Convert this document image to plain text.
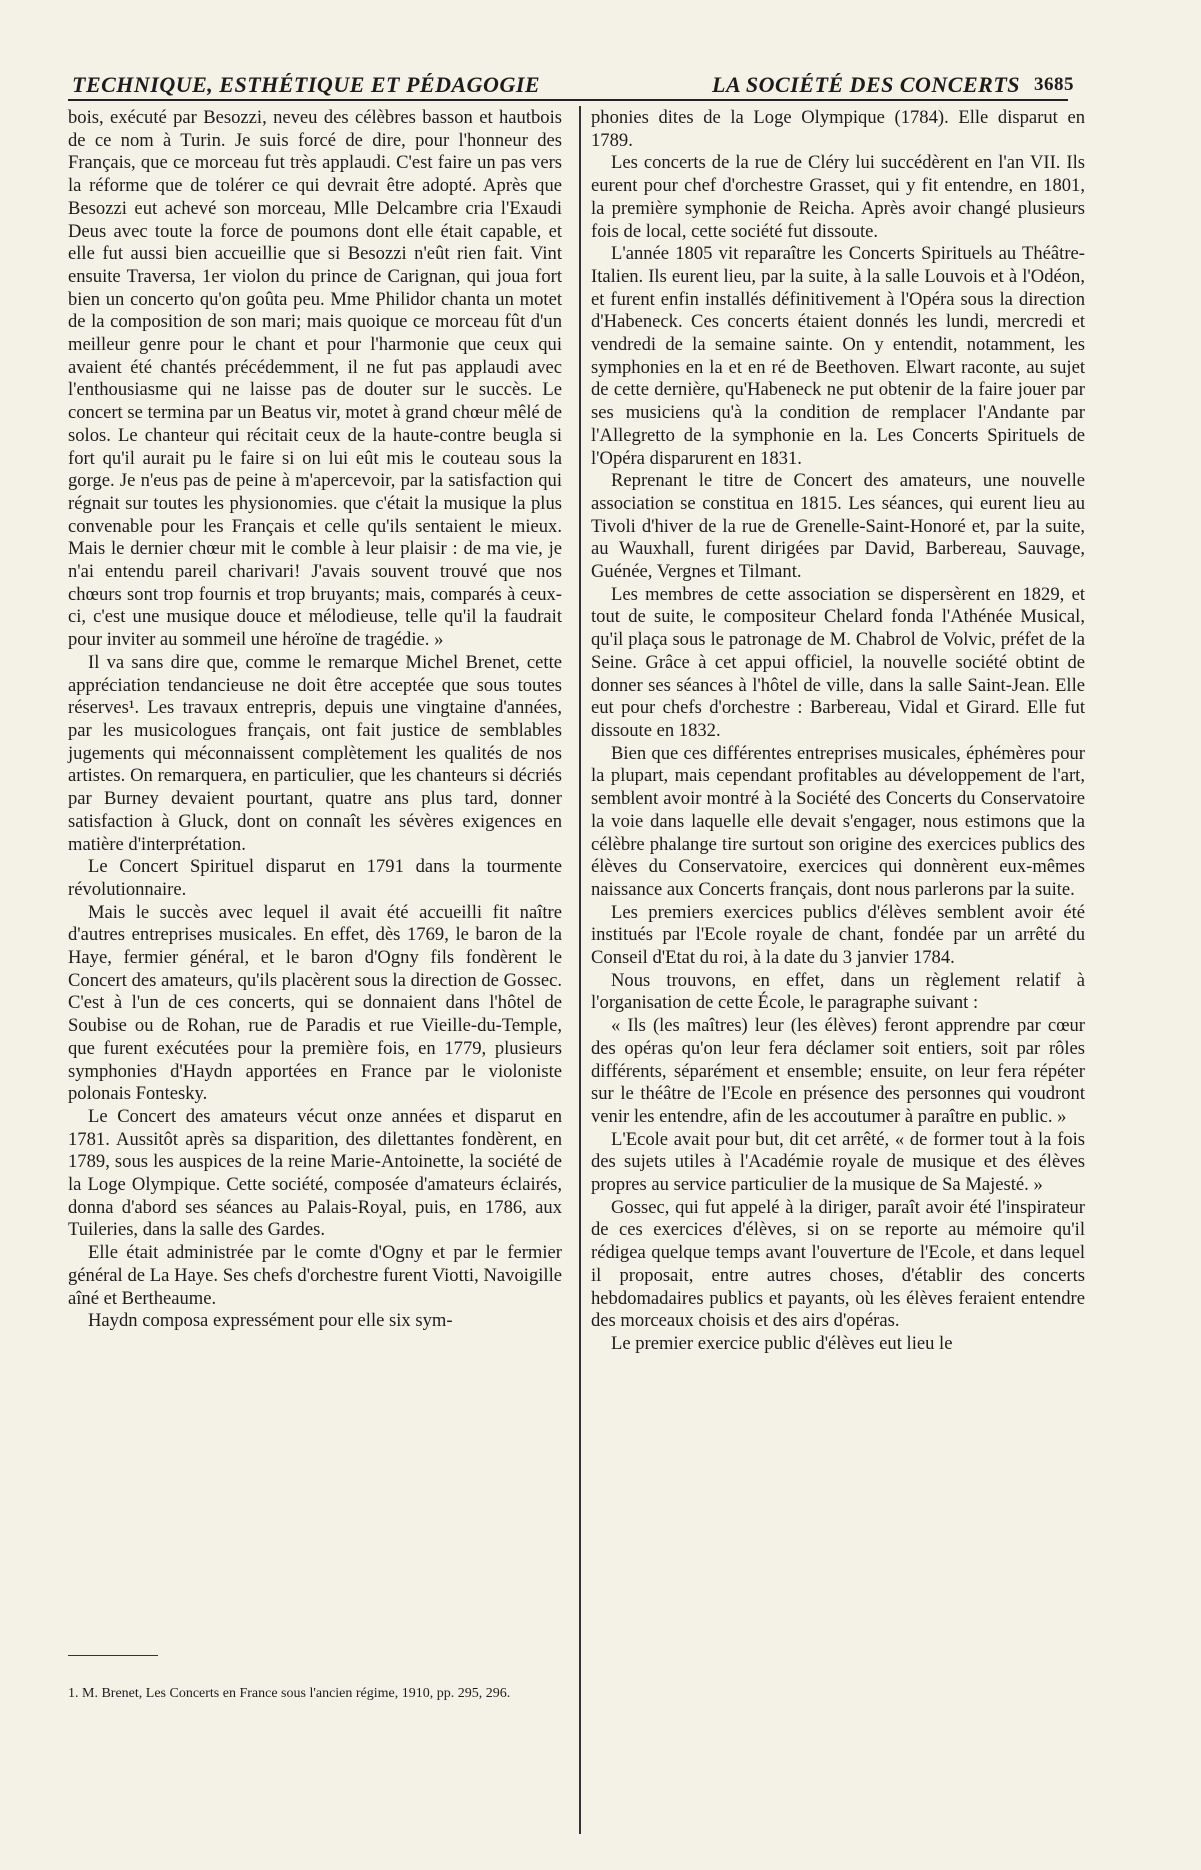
TECHNIQUE, ESTHÉTIQUE ET PÉDAGOGIE	LA SOCIÉTÉ DES CONCERTS 3685

bois, exécuté par Besozzi, neveu des célèbres basson et hautbois de ce nom à Turin. Je suis forcé de dire, pour l'honneur des Français, que ce morceau fut très applaudi. C'est faire un pas vers la réforme que de tolérer ce qui devrait être adopté. Après que Besozzi eut achevé son morceau, Mlle Delcambre cria l'Exaudi Deus avec toute la force de poumons dont elle était capable, et elle fut aussi bien accueillie que si Besozzi n'eût rien fait. Vint ensuite Traversa, 1er violon du prince de Carignan, qui joua fort bien un concerto qu'on goûta peu. Mme Philidor chanta un motet de la composition de son mari; mais quoique ce morceau fût d'un meilleur genre pour le chant et pour l'harmonie que ceux qui avaient été chantés précédemment, il ne fut pas applaudi avec l'enthousiasme qui ne laisse pas de douter sur le succès. Le concert se termina par un Beatus vir, motet à grand chœur mêlé de solos. Le chanteur qui récitait ceux de la haute-contre beugla si fort qu'il aurait pu le faire si on lui eût mis le couteau sous la gorge. Je n'eus pas de peine à m'apercevoir, par la satisfaction qui régnait sur toutes les physionomies. que c'était la musique la plus convenable pour les Français et celle qu'ils sentaient le mieux. Mais le dernier chœur mit le comble à leur plaisir : de ma vie, je n'ai entendu pareil charivari! J'avais souvent trouvé que nos chœurs sont trop fournis et trop bruyants; mais, comparés à ceux-ci, c'est une musique douce et mélodieuse, telle qu'il la faudrait pour inviter au sommeil une héroïne de tragédie. »

Il va sans dire que, comme le remarque Michel Brenet, cette appréciation tendancieuse ne doit être acceptée que sous toutes réserves¹. Les travaux entrepris, depuis une vingtaine d'années, par les musicologues français, ont fait justice de semblables jugements qui méconnaissent complètement les qualités de nos artistes. On remarquera, en particulier, que les chanteurs si décriés par Burney devaient pourtant, quatre ans plus tard, donner satisfaction à Gluck, dont on connaît les sévères exigences en matière d'interprétation.

Le Concert Spirituel disparut en 1791 dans la tourmente révolutionnaire.

Mais le succès avec lequel il avait été accueilli fit naître d'autres entreprises musicales. En effet, dès 1769, le baron de la Haye, fermier général, et le baron d'Ogny fils fondèrent le Concert des amateurs, qu'ils placèrent sous la direction de Gossec. C'est à l'un de ces concerts, qui se donnaient dans l'hôtel de Soubise ou de Rohan, rue de Paradis et rue Vieille-du-Temple, que furent exécutées pour la première fois, en 1779, plusieurs symphonies d'Haydn apportées en France par le violoniste polonais Fontesky.

Le Concert des amateurs vécut onze années et disparut en 1781. Aussitôt après sa disparition, des dilettantes fondèrent, en 1789, sous les auspices de la reine Marie-Antoinette, la société de la Loge Olympique. Cette société, composée d'amateurs éclairés, donna d'abord ses séances au Palais-Royal, puis, en 1786, aux Tuileries, dans la salle des Gardes.

Elle était administrée par le comte d'Ogny et par le fermier général de La Haye. Ses chefs d'orchestre furent Viotti, Navoigille aîné et Bertheaume.

Haydn composa expressément pour elle six sym-

phonies dites de la Loge Olympique (1784). Elle disparut en 1789.

Les concerts de la rue de Cléry lui succédèrent en l'an VII. Ils eurent pour chef d'orchestre Grasset, qui y fit entendre, en 1801, la première symphonie de Reicha. Après avoir changé plusieurs fois de local, cette société fut dissoute.

L'année 1805 vit reparaître les Concerts Spirituels au Théâtre-Italien. Ils eurent lieu, par la suite, à la salle Louvois et à l'Odéon, et furent enfin installés définitivement à l'Opéra sous la direction d'Habeneck. Ces concerts étaient donnés les lundi, mercredi et vendredi de la semaine sainte. On y entendit, notamment, les symphonies en la et en ré de Beethoven. Elwart raconte, au sujet de cette dernière, qu'Habeneck ne put obtenir de la faire jouer par ses musiciens qu'à la condition de remplacer l'Andante par l'Allegretto de la symphonie en la. Les Concerts Spirituels de l'Opéra disparurent en 1831.

Reprenant le titre de Concert des amateurs, une nouvelle association se constitua en 1815. Les séances, qui eurent lieu au Tivoli d'hiver de la rue de Grenelle-Saint-Honoré et, par la suite, au Wauxhall, furent dirigées par David, Barbereau, Sauvage, Guénée, Vergnes et Tilmant.

Les membres de cette association se dispersèrent en 1829, et tout de suite, le compositeur Chelard fonda l'Athénée Musical, qu'il plaça sous le patronage de M. Chabrol de Volvic, préfet de la Seine. Grâce à cet appui officiel, la nouvelle société obtint de donner ses séances à l'hôtel de ville, dans la salle Saint-Jean. Elle eut pour chefs d'orchestre : Barbereau, Vidal et Girard. Elle fut dissoute en 1832.

Bien que ces différentes entreprises musicales, éphémères pour la plupart, mais cependant profitables au développement de l'art, semblent avoir montré à la Société des Concerts du Conservatoire la voie dans laquelle elle devait s'engager, nous estimons que la célèbre phalange tire surtout son origine des exercices publics des élèves du Conservatoire, exercices qui donnèrent eux-mêmes naissance aux Concerts français, dont nous parlerons par la suite.

Les premiers exercices publics d'élèves semblent avoir été institués par l'Ecole royale de chant, fondée par un arrêté du Conseil d'Etat du roi, à la date du 3 janvier 1784.

Nous trouvons, en effet, dans un règlement relatif à l'organisation de cette École, le paragraphe suivant :

« Ils (les maîtres) leur (les élèves) feront apprendre par cœur des opéras qu'on leur fera déclamer soit entiers, soit par rôles différents, séparément et ensemble; ensuite, on leur fera répéter sur le théâtre de l'Ecole en présence des personnes qui voudront venir les entendre, afin de les accoutumer à paraître en public. »

L'Ecole avait pour but, dit cet arrêté, « de former tout à la fois des sujets utiles à l'Académie royale de musique et des élèves propres au service particulier de la musique de Sa Majesté. »

Gossec, qui fut appelé à la diriger, paraît avoir été l'inspirateur de ces exercices d'élèves, si on se reporte au mémoire qu'il rédigea quelque temps avant l'ouverture de l'Ecole, et dans lequel il proposait, entre autres choses, d'établir des concerts hebdomadaires publics et payants, où les élèves feraient entendre des morceaux choisis et des airs d'opéras.

Le premier exercice public d'élèves eut lieu le

1. M. Brenet, Les Concerts en France sous l'ancien régime, 1910, pp. 295, 296.
